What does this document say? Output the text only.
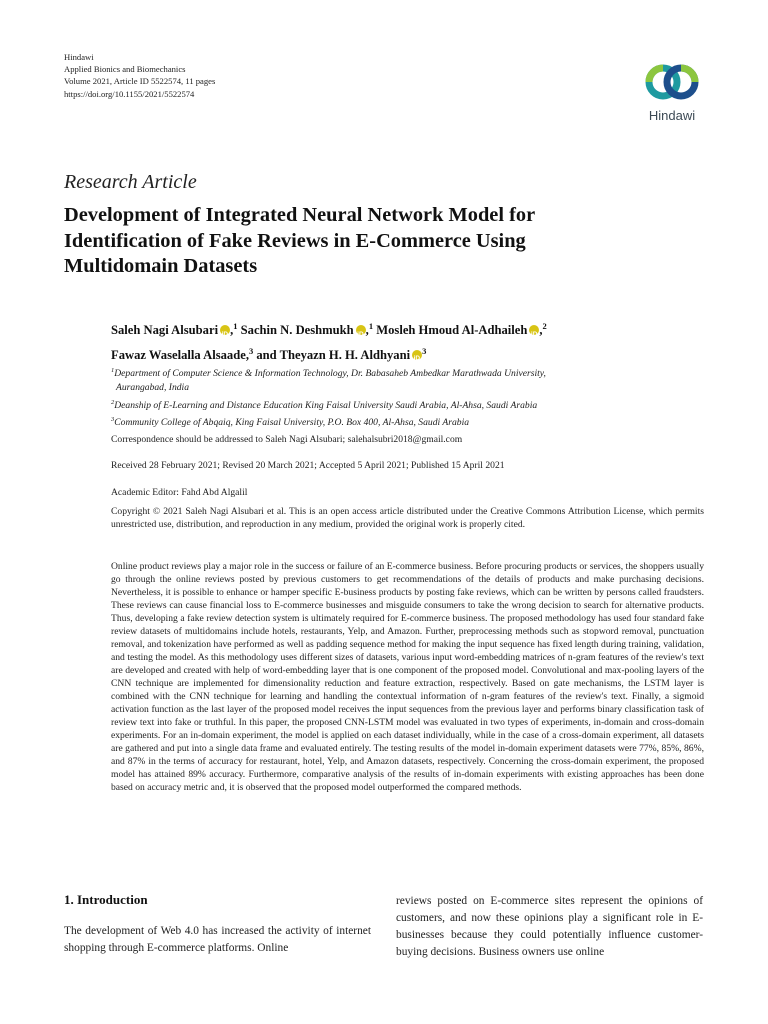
Hindawi
Applied Bionics and Biomechanics
Volume 2021, Article ID 5522574, 11 pages
https://doi.org/10.1155/2021/5522574
Hindawi
Research Article
Development of Integrated Neural Network Model for Identification of Fake Reviews in E-Commerce Using Multidomain Datasets
Saleh Nagi Alsubari iD ,$^1$ Sachin N. Deshmukh iD ,$^1$ Mosleh Hmoud Al-Adhaileh iD ,$^2$
Fawaz Waselalla Alsaade,$^3$ and Theyazn H. H. Aldhyani iD $^3$
$^1$Department of Computer Science & Information Technology, Dr. Babasaheb Ambedkar Marathwada University,
Aurangabad, India
$^2$Deanship of E-Learning and Distance Education King Faisal University Saudi Arabia, Al-Ahsa, Saudi Arabia
$^3$Community College of Abqaiq, King Faisal University, P.O. Box 400, Al-Ahsa, Saudi Arabia
Correspondence should be addressed to Saleh Nagi Alsubari; salehalsubri2018@gmail.com
Received 28 February 2021; Revised 20 March 2021; Accepted 5 April 2021; Published 15 April 2021
Academic Editor: Fahd Abd Algalil
Copyright © 2021 Saleh Nagi Alsubari et al. This is an open access article distributed under the Creative Commons Attribution License, which permits unrestricted use, distribution, and reproduction in any medium, provided the original work is properly cited.
Online product reviews play a major role in the success or failure of an E-commerce business. Before procuring products or services, the shoppers usually go through the online reviews posted by previous customers to get recommendations of the details of products and make purchasing decisions. Nevertheless, it is possible to enhance or hamper specific E-business products by posting fake reviews, which can be written by persons called fraudsters. These reviews can cause financial loss to E-commerce businesses and misguide consumers to take the wrong decision to search for alternative products. Thus, developing a fake review detection system is ultimately required for E-commerce business. The proposed methodology has used four standard fake review datasets of multidomains include hotels, restaurants, Yelp, and Amazon. Further, preprocessing methods such as stopword removal, punctuation removal, and tokenization have performed as well as padding sequence method for making the input sequence has fixed length during training, validation, and testing the model. As this methodology uses different sizes of datasets, various input word-embedding matrices of n-gram features of the review's text are developed and created with help of word-embedding layer that is one component of the proposed model. Convolutional and max-pooling layers of the CNN technique are implemented for dimensionality reduction and feature extraction, respectively. Based on gate mechanisms, the LSTM layer is combined with the CNN technique for learning and handling the contextual information of n-gram features of the review's text. Finally, a sigmoid activation function as the last layer of the proposed model receives the input sequences from the previous layer and performs binary classification task of review text into fake or truthful. In this paper, the proposed CNN-LSTM model was evaluated in two types of experiments, in-domain and cross-domain experiments. For an in-domain experiment, the model is applied on each dataset individually, while in the case of a cross-domain experiment, all datasets are gathered and put into a single data frame and evaluated entirely. The testing results of the model in-domain experiment datasets were 77%, 85%, 86%, and 87% in the terms of accuracy for restaurant, hotel, Yelp, and Amazon datasets, respectively. Concerning the cross-domain experiment, the proposed model has attained 89% accuracy. Furthermore, comparative analysis of the results of in-domain experiments with existing approaches has been done based on accuracy metric and, it is observed that the proposed model outperformed the compared methods.
1. Introduction
The development of Web 4.0 has increased the activity of internet shopping through E-commerce platforms. Online
reviews posted on E-commerce sites represent the opinions of customers, and now these opinions play a significant role in E-businesses because they could potentially influence customer-buying decisions. Business owners use online
